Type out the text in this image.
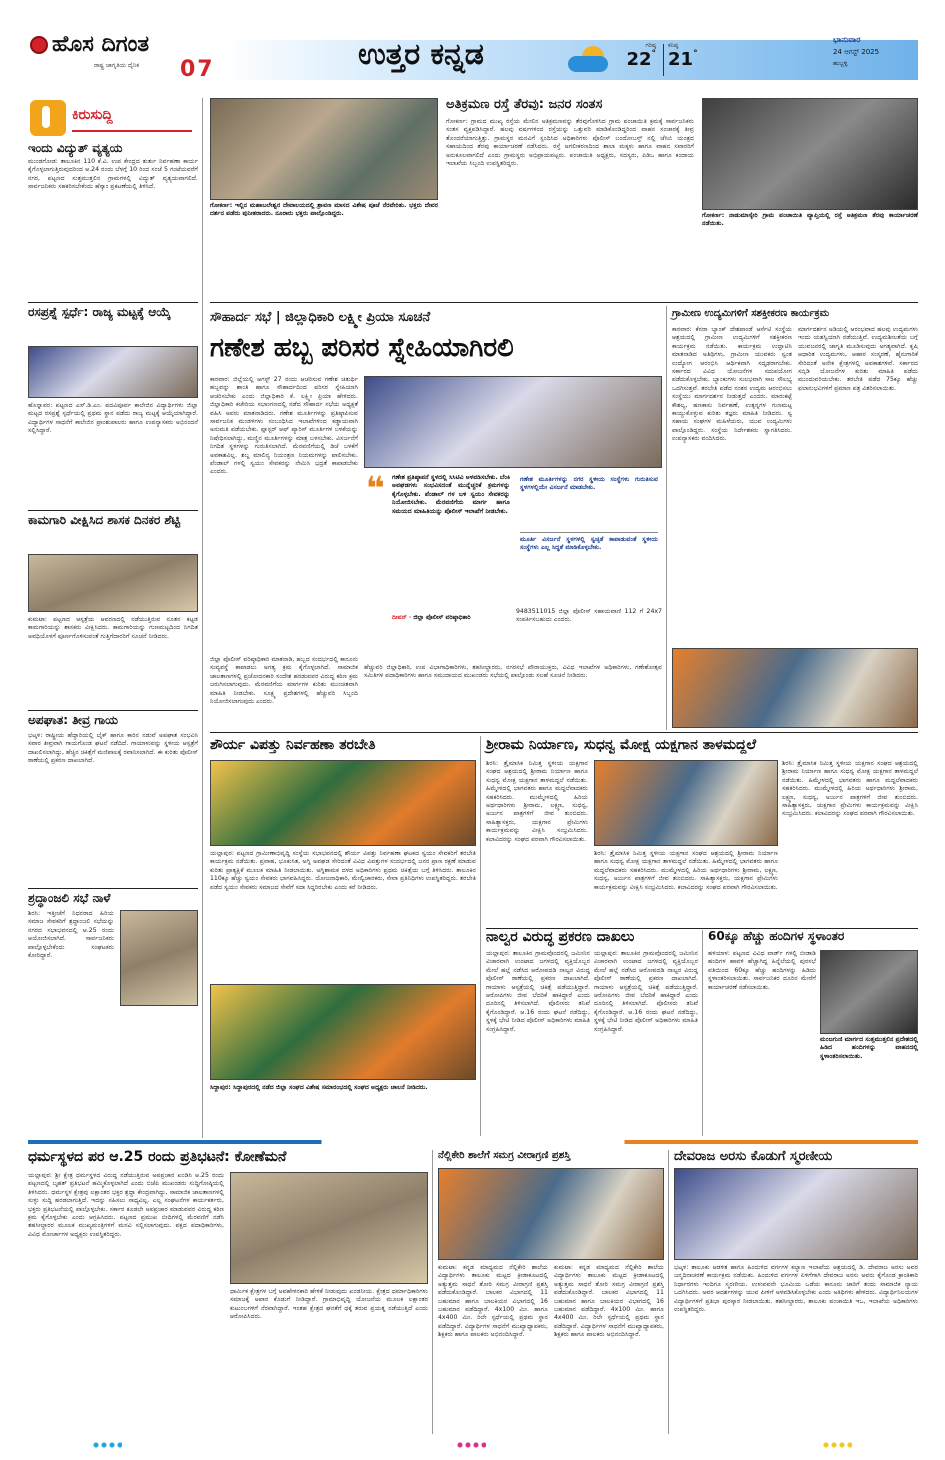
ಹೊಸ ದಿಗಂತ
ರಾಷ್ಟ್ರ ಜಾಗೃತಿಯ ದೈನಿಕ 07	ಉತ್ತರ ಕನ್ನಡ	ಗರಿಷ್ಠ
22°
ಕನಿಷ್ಠ
21°
ಭಾನುವಾರ
24 ಆಗಸ್ಟ್ 2025
ಹುಬ್ಬಳ್ಳಿ
ಕಿರುಸುದ್ದಿ
ಇಂದು ವಿದ್ಯುತ್ ವ್ಯತ್ಯಯ
ಮುಂಡಗೋಡ: ತಾಲೂಕಿನ 110 ಕೆ.ವಿ. ಉಪ ಕೇಂದ್ರದ ತುರ್ತು ನಿರ್ವಹಣಾ ಕಾರ್ಯ ಕೈಗೊಳ್ಳಲಾಗುತ್ತಿರುವುದರಿಂದ ಆ.24 ರಂದು ಬೆಳಗ್ಗೆ 10 ರಿಂದ ಸಂಜೆ 5 ಗಂಟೆಯವರೆಗೆ ನಗರ, ಪಟ್ಟಣದ ಸುತ್ತಮುತ್ತಲಿನ ಗ್ರಾಮಗಳಲ್ಲಿ ವಿದ್ಯುತ್ ವ್ಯತ್ಯಯವಾಗಲಿದೆ. ಸಾರ್ವಜನಿಕರು ಸಹಕರಿಸಬೇಕೆಂದು ಹೆಸ್ಕಾಂ ಪ್ರಕಟಣೆಯಲ್ಲಿ ತಿಳಿಸಿದೆ.
ರಸಪ್ರಶ್ನೆ ಸ್ಪರ್ಧೆ: ರಾಜ್ಯ ಮಟ್ಟಕ್ಕೆ ಆಯ್ಕೆ
ಹೊನ್ನಾವರ: ಪಟ್ಟಣದ ಎಸ್.ಡಿ.ಎಂ. ಪದವಿಪೂರ್ವ ಕಾಲೇಜಿನ ವಿದ್ಯಾರ್ಥಿಗಳು ಜಿಲ್ಲಾ ಮಟ್ಟದ ರಸಪ್ರಶ್ನೆ ಸ್ಪರ್ಧೆಯಲ್ಲಿ ಪ್ರಥಮ ಸ್ಥಾನ ಪಡೆದು ರಾಜ್ಯ ಮಟ್ಟಕ್ಕೆ ಆಯ್ಕೆಯಾಗಿದ್ದಾರೆ. ವಿದ್ಯಾರ್ಥಿಗಳ ಸಾಧನೆಗೆ ಕಾಲೇಜಿನ ಪ್ರಾಂಶುಪಾಲರು ಹಾಗೂ ಉಪನ್ಯಾಸಕರು ಅಭಿನಂದನೆ ಸಲ್ಲಿಸಿದ್ದಾರೆ.
ಕಾಮಗಾರಿ ವೀಕ್ಷಿಸಿದ ಶಾಸಕ ದಿನಕರ ಶೆಟ್ಟಿ
ಕುಮಟಾ: ಪಟ್ಟಣದ ಆಸ್ಪತ್ರೆಯ ಆವರಣದಲ್ಲಿ ನಡೆಯುತ್ತಿರುವ ನೂತನ ಕಟ್ಟಡ ಕಾಮಗಾರಿಯನ್ನು ಶಾಸಕರು ವೀಕ್ಷಿಸಿದರು. ಕಾಮಗಾರಿಯನ್ನು ಗುಣಮಟ್ಟದಿಂದ ನಿಗದಿತ ಅವಧಿಯೊಳಗೆ ಪೂರ್ಣಗೊಳಿಸುವಂತೆ ಗುತ್ತಿಗೆದಾರರಿಗೆ ಸೂಚನೆ ನೀಡಿದರು.
ಅಪಘಾತ: ತೀವ್ರ ಗಾಯ
ಭಟ್ಕಳ: ರಾಷ್ಟ್ರೀಯ ಹೆದ್ದಾರಿಯಲ್ಲಿ ಬೈಕ್ ಹಾಗೂ ಕಾರಿನ ನಡುವೆ ಅಪಘಾತ ಸಂಭವಿಸಿ ಸವಾರ ತೀವ್ರವಾಗಿ ಗಾಯಗೊಂಡ ಘಟನೆ ನಡೆದಿದೆ. ಗಾಯಾಳುವನ್ನು ಸ್ಥಳೀಯ ಆಸ್ಪತ್ರೆಗೆ ದಾಖಲಿಸಲಾಗಿದ್ದು, ಹೆಚ್ಚಿನ ಚಿಕಿತ್ಸೆಗೆ ಮಣಿಪಾಲಕ್ಕೆ ರವಾನಿಸಲಾಗಿದೆ. ಈ ಕುರಿತು ಪೊಲೀಸ್ ಠಾಣೆಯಲ್ಲಿ ಪ್ರಕರಣ ದಾಖಲಾಗಿದೆ.
ಶ್ರದ್ಧಾಂಜಲಿ ಸಭೆ ನಾಳೆ
ಶಿರಸಿ: ಇತ್ತೀಚೆಗೆ ನಿಧನರಾದ ಹಿರಿಯ ಸಮಾಜ ಸೇವಕರಿಗೆ ಶ್ರದ್ಧಾಂಜಲಿ ಸಭೆಯನ್ನು ನಗರದ ಸಭಾಭವನದಲ್ಲಿ ಆ.25 ರಂದು ಆಯೋಜಿಸಲಾಗಿದೆ. ಸಾರ್ವಜನಿಕರು ಪಾಲ್ಗೊಳ್ಳಬೇಕೆಂದು ಸಂಘಟಕರು ಕೋರಿದ್ದಾರೆ.
ಗೋಕರ್ಣ: ಇಲ್ಲಿನ ಮಹಾಬಲೇಶ್ವರ ದೇವಾಲಯದಲ್ಲಿ ಶ್ರಾವಣ ಮಾಸದ ವಿಶೇಷ ಪೂಜೆ ನೆರವೇರಿತು. ಭಕ್ತರು ದೇವರ ದರ್ಶನ ಪಡೆದು ಪುನೀತರಾದರು. ನೂರಾರು ಭಕ್ತರು ಪಾಲ್ಗೊಂಡಿದ್ದರು.
ಅತಿಕ್ರಮಣ ರಸ್ತೆ ತೆರವು: ಜನರ ಸಂತಸ
ಗೋಕರ್ಣ: ಗ್ರಾಮದ ಮುಖ್ಯ ರಸ್ತೆಯ ಮೇಲಿನ ಅತಿಕ್ರಮಣವನ್ನು ತೆರವುಗೊಳಿಸಿದ ಗ್ರಾಮ ಪಂಚಾಯಿತಿ ಕ್ರಮಕ್ಕೆ ಸಾರ್ವಜನಿಕರು ಸಂತಸ ವ್ಯಕ್ತಪಡಿಸಿದ್ದಾರೆ. ಹಲವು ವರ್ಷಗಳಿಂದ ರಸ್ತೆಯನ್ನು ಒತ್ತುವರಿ ಮಾಡಿಕೊಂಡಿದ್ದರಿಂದ ವಾಹನ ಸಂಚಾರಕ್ಕೆ ತೀವ್ರ ತೊಂದರೆಯಾಗುತ್ತಿತ್ತು. ಗ್ರಾಮಸ್ಥರ ಮನವಿಗೆ ಸ್ಪಂದಿಸಿದ ಅಧಿಕಾರಿಗಳು ಪೊಲೀಸ್ ಬಂದೋಬಸ್ತ್ ನಲ್ಲಿ ಜೆಸಿಬಿ ಯಂತ್ರದ ಸಹಾಯದಿಂದ ತೆರವು ಕಾರ್ಯಾಚರಣೆ ನಡೆಸಿದರು. ರಸ್ತೆ ಅಗಲೀಕರಣದಿಂದ ಶಾಲಾ ಮಕ್ಕಳು ಹಾಗೂ ವಾಹನ ಸವಾರರಿಗೆ ಅನುಕೂಲವಾಗಲಿದೆ ಎಂದು ಗ್ರಾಮಸ್ಥರು ಅಭಿಪ್ರಾಯಪಟ್ಟರು. ಪಂಚಾಯಿತಿ ಅಧ್ಯಕ್ಷರು, ಸದಸ್ಯರು, ಪಿಡಿಒ ಹಾಗೂ ಕಂದಾಯ ಇಲಾಖೆಯ ಸಿಬ್ಬಂದಿ ಉಪಸ್ಥಿತರಿದ್ದರು.
ಗೋಕರ್ಣ: ನಾಡುಮಾಸ್ಕೇರಿ ಗ್ರಾಮ ಪಂಚಾಯಿತಿ ವ್ಯಾಪ್ತಿಯಲ್ಲಿ ರಸ್ತೆ ಅತಿಕ್ರಮಣ ತೆರವು ಕಾರ್ಯಾಚರಣೆ ನಡೆಯಿತು.
ಸೌಹಾರ್ದ ಸಭೆ | ಜಿಲ್ಲಾಧಿಕಾರಿ ಲಕ್ಷ್ಮೀ ಪ್ರಿಯಾ ಸೂಚನೆ
ಗಣೇಶ ಹಬ್ಬ ಪರಿಸರ ಸ್ನೇಹಿಯಾಗಿರಲಿ
ಕಾರವಾರ: ಜಿಲ್ಲೆಯಲ್ಲಿ ಆಗಸ್ಟ್ 27 ರಂದು ಆಚರಿಸುವ ಗಣೇಶ ಚತುರ್ಥಿ ಹಬ್ಬವನ್ನು ಶಾಂತಿ ಹಾಗೂ ಸೌಹಾರ್ದದಿಂದ ಪರಿಸರ ಸ್ನೇಹಿಯಾಗಿ ಆಚರಿಸಬೇಕು ಎಂದು ಜಿಲ್ಲಾಧಿಕಾರಿ ಕೆ. ಲಕ್ಷ್ಮೀ ಪ್ರಿಯಾ ಹೇಳಿದರು. ಜಿಲ್ಲಾಧಿಕಾರಿ ಕಚೇರಿಯ ಸಭಾಂಗಣದಲ್ಲಿ ನಡೆದ ಸೌಹಾರ್ದ ಸಭೆಯ ಅಧ್ಯಕ್ಷತೆ ವಹಿಸಿ ಅವರು ಮಾತನಾಡಿದರು. ಗಣೇಶ ಮೂರ್ತಿಗಳನ್ನು ಪ್ರತಿಷ್ಠಾಪಿಸುವ ಸಾರ್ವಜನಿಕ ಮಂಡಳಿಗಳು ಸಂಬಂಧಿಸಿದ ಇಲಾಖೆಗಳಿಂದ ಕಡ್ಡಾಯವಾಗಿ ಅನುಮತಿ ಪಡೆಯಬೇಕು. ಪ್ಲಾಸ್ಟರ್ ಆಫ್ ಪ್ಯಾರಿಸ್ ಮೂರ್ತಿಗಳ ಬಳಕೆಯನ್ನು ನಿಷೇಧಿಸಲಾಗಿದ್ದು, ಮಣ್ಣಿನ ಮೂರ್ತಿಗಳನ್ನು ಮಾತ್ರ ಬಳಸಬೇಕು. ವಿಸರ್ಜನೆಗೆ ನಿಗದಿತ ಸ್ಥಳಗಳನ್ನು ಗುರುತಿಸಲಾಗಿದೆ. ಮೆರವಣಿಗೆಯಲ್ಲಿ ಡಿಜೆ ಬಳಕೆಗೆ ಅವಕಾಶವಿಲ್ಲ. ಶಬ್ದ ಮಾಲಿನ್ಯ ನಿಯಂತ್ರಣ ನಿಯಮಗಳನ್ನು ಪಾಲಿಸಬೇಕು. ಪೆಂಡಾಲ್ ಗಳಲ್ಲಿ ಸ್ವಯಂ ಸೇವಕರನ್ನು ನೇಮಿಸಿ ಭದ್ರತೆ ಕಾಪಾಡಬೇಕು ಎಂದರು.	❝ ಗಣೇಶ ಪ್ರತಿಷ್ಠಾಪನೆ ಸ್ಥಳದಲ್ಲಿ ಸಿಸಿಟಿವಿ ಅಳವಡಿಸಬೇಕು. ಬೆಂಕಿ ಅವಘಡಗಳು ಸಂಭವಿಸದಂತೆ ಮುನ್ನೆಚ್ಚರಿಕೆ ಕ್ರಮಗಳನ್ನು ಕೈಗೊಳ್ಳಬೇಕು. ಪೆಂಡಾಲ್ ಗಳ ಬಳಿ ಸ್ವಯಂ ಸೇವಕರನ್ನು ನಿಯೋಜಿಸಬೇಕು. ಮೆರವಣಿಗೆಯ ಮಾರ್ಗ ಹಾಗೂ ಸಮಯದ ಮಾಹಿತಿಯನ್ನು ಪೊಲೀಸ್ ಇಲಾಖೆಗೆ ನೀಡಬೇಕು.
ದೀಪನ್ · ಜಿಲ್ಲಾ ಪೊಲೀಸ್ ವರಿಷ್ಠಾಧಿಕಾರಿ
ಗಣೇಶ ಮೂರ್ತಿಗಳನ್ನು ನಗರ ಸ್ಥಳೀಯ ಸಂಸ್ಥೆಗಳು ಗುರುತಿಸುವ ಸ್ಥಳಗಳಲ್ಲಿಯೇ ವಿಸರ್ಜನೆ ಮಾಡಬೇಕು.
ಮೂರ್ತಿ ವಿಸರ್ಜನೆ ಸ್ಥಳಗಳಲ್ಲಿ ಸ್ವಚ್ಛತೆ ಕಾಪಾಡುವಂತೆ ಸ್ಥಳೀಯ ಸಂಸ್ಥೆಗಳು ಎಲ್ಲ ಸಿದ್ಧತೆ ಮಾಡಿಕೊಳ್ಳಬೇಕು.
9483511015 ಜಿಲ್ಲಾ ಪೊಲೀಸ್ ಸಹಾಯವಾಣಿ 112 ಗೆ 24x7 ಸಂಪರ್ಕಿಸಬಹುದು ಎಂದರು.
ಜಿಲ್ಲಾ ಪೊಲೀಸ್ ವರಿಷ್ಠಾಧಿಕಾರಿ ಮಾತನಾಡಿ, ಹಬ್ಬದ ಸಂದರ್ಭದಲ್ಲಿ ಕಾನೂನು ಸುವ್ಯವಸ್ಥೆ ಕಾಪಾಡಲು ಅಗತ್ಯ ಕ್ರಮ ಕೈಗೊಳ್ಳಲಾಗಿದೆ. ಸಾಮಾಜಿಕ ಜಾಲತಾಣಗಳಲ್ಲಿ ಪ್ರಚೋದನಕಾರಿ ಸಂದೇಶ ಹರಡುವವರ ವಿರುದ್ಧ ಕಠಿಣ ಕ್ರಮ ಜರುಗಿಸಲಾಗುವುದು. ಮೆರವಣಿಗೆಯ ಮಾರ್ಗಗಳ ಕುರಿತು ಮುಂಚಿತವಾಗಿ ಮಾಹಿತಿ ನೀಡಬೇಕು. ಸೂಕ್ಷ್ಮ ಪ್ರದೇಶಗಳಲ್ಲಿ ಹೆಚ್ಚುವರಿ ಸಿಬ್ಬಂದಿ ನಿಯೋಜಿಸಲಾಗುವುದು ಎಂದರು.
ಹೆಚ್ಚುವರಿ ಜಿಲ್ಲಾಧಿಕಾರಿ, ಉಪ ವಿಭಾಗಾಧಿಕಾರಿಗಳು, ತಹಸೀಲ್ದಾರರು, ನಗರಸಭೆ ಪೌರಾಯುಕ್ತರು, ವಿವಿಧ ಇಲಾಖೆಗಳ ಅಧಿಕಾರಿಗಳು, ಗಣೇಶೋತ್ಸವ ಸಮಿತಿಗಳ ಪದಾಧಿಕಾರಿಗಳು ಹಾಗೂ ಸಮುದಾಯದ ಮುಖಂಡರು ಸಭೆಯಲ್ಲಿ ಪಾಲ್ಗೊಂಡು ಸಲಹೆ ಸೂಚನೆ ನೀಡಿದರು.
ಗ್ರಾಮೀಣ ಉದ್ಯಮಿಗಳಿಗೆ ಸಶಕ್ತೀಕರಣ ಕಾರ್ಯಕ್ರಮ
ಕಾರವಾರ: ಕೆನರಾ ಬ್ಯಾಂಕ್ ದೇಶಪಾಂಡೆ ಆರ್ಸೆಟಿ ಸಂಸ್ಥೆಯ ಆಶ್ರಯದಲ್ಲಿ ಗ್ರಾಮೀಣ ಉದ್ಯಮಿಗಳಿಗೆ ಸಶಕ್ತೀಕರಣ ಕಾರ್ಯಕ್ರಮ ನಡೆಯಿತು. ಕಾರ್ಯಕ್ರಮ ಉದ್ಘಾಟಿಸಿ ಮಾತನಾಡಿದ ಅತಿಥಿಗಳು, ಗ್ರಾಮೀಣ ಯುವಕರು ಸ್ವಂತ ಉದ್ಯೋಗ ಆರಂಭಿಸಿ ಆರ್ಥಿಕವಾಗಿ ಸದೃಢರಾಗಬೇಕು. ಸರ್ಕಾರದ ವಿವಿಧ ಯೋಜನೆಗಳ ಸದುಪಯೋಗ ಪಡೆದುಕೊಳ್ಳಬೇಕು. ಬ್ಯಾಂಕುಗಳು ಸುಲಭವಾಗಿ ಸಾಲ ಸೌಲಭ್ಯ ಒದಗಿಸುತ್ತವೆ. ತರಬೇತಿ ಪಡೆದ ನಂತರ ಉದ್ಯಮ ಆರಂಭಿಸಲು ಸಂಸ್ಥೆಯು ಮಾರ್ಗದರ್ಶನ ನೀಡುತ್ತದೆ ಎಂದರು. ಮಾರುಕಟ್ಟೆ ಕೌಶಲ್ಯ, ಹಣಕಾಸು ನಿರ್ವಹಣೆ, ಉತ್ಪನ್ನಗಳ ಗುಣಮಟ್ಟ ಕಾಯ್ದುಕೊಳ್ಳುವ ಕುರಿತು ತಜ್ಞರು ಮಾಹಿತಿ ನೀಡಿದರು. ಸ್ವ ಸಹಾಯ ಸಂಘಗಳ ಮಹಿಳೆಯರು, ಯುವ ಉದ್ಯಮಿಗಳು ಪಾಲ್ಗೊಂಡಿದ್ದರು. ಸಂಸ್ಥೆಯ ನಿರ್ದೇಶಕರು ಸ್ವಾಗತಿಸಿದರು. ಉಪನ್ಯಾಸಕರು ವಂದಿಸಿದರು.
ಮಾರ್ಗದರ್ಶನ ಅಡಿಯಲ್ಲಿ ಆರಂಭವಾದ ಹಲವು ಉದ್ಯಮಗಳು ಇಂದು ಯಶಸ್ವಿಯಾಗಿ ನಡೆಯುತ್ತಿವೆ. ಉದ್ಯಮಶೀಲತೆಯ ಬಗ್ಗೆ ಯುವಜನರಲ್ಲಿ ಜಾಗೃತಿ ಮೂಡಿಸುವುದು ಅಗತ್ಯವಾಗಿದೆ. ಕೃಷಿ ಆಧಾರಿತ ಉದ್ಯಮಗಳು, ಆಹಾರ ಸಂಸ್ಕರಣೆ, ಹೈನುಗಾರಿಕೆ ಸೇರಿದಂತೆ ಅನೇಕ ಕ್ಷೇತ್ರಗಳಲ್ಲಿ ಅವಕಾಶಗಳಿವೆ. ಸರ್ಕಾರದ ಸಬ್ಸಿಡಿ ಯೋಜನೆಗಳ ಕುರಿತು ಮಾಹಿತಿ ಪಡೆದು ಮುಂದುವರಿಯಬೇಕು. ತರಬೇತಿ ಪಡೆದ 75ಕ್ಕೂ ಹೆಚ್ಚು ಫಲಾನುಭವಿಗಳಿಗೆ ಪ್ರಮಾಣ ಪತ್ರ ವಿತರಿಸಲಾಯಿತು.
ಶೌರ್ಯ ವಿಪತ್ತು ನಿರ್ವಹಣಾ ತರಬೇತಿ
ಯಲ್ಲಾಪುರ: ಪಟ್ಟಣದ ಗ್ರಾಮೀಣಾಭಿವೃದ್ಧಿ ಸಂಸ್ಥೆಯ ಸಭಾಭವನದಲ್ಲಿ ಶೌರ್ಯ ವಿಪತ್ತು ನಿರ್ವಹಣಾ ಘಟಕದ ಸ್ವಯಂ ಸೇವಕರಿಗೆ ತರಬೇತಿ ಕಾರ್ಯಕ್ರಮ ನಡೆಯಿತು. ಪ್ರವಾಹ, ಭೂಕುಸಿತ, ಅಗ್ನಿ ಅವಘಡ ಸೇರಿದಂತೆ ವಿವಿಧ ವಿಪತ್ತುಗಳ ಸಂದರ್ಭದಲ್ಲಿ ಜನರ ಪ್ರಾಣ ರಕ್ಷಣೆ ಮಾಡುವ ಕುರಿತು ಪ್ರಾತ್ಯಕ್ಷಿಕೆ ಮೂಲಕ ಮಾಹಿತಿ ನೀಡಲಾಯಿತು. ಅಗ್ನಿಶಾಮಕ ದಳದ ಅಧಿಕಾರಿಗಳು ಪ್ರಥಮ ಚಿಕಿತ್ಸೆಯ ಬಗ್ಗೆ ತಿಳಿಸಿದರು. ತಾಲೂಕಿನ 110ಕ್ಕೂ ಹೆಚ್ಚು ಸ್ವಯಂ ಸೇವಕರು ಭಾಗವಹಿಸಿದ್ದರು. ಯೋಜನಾಧಿಕಾರಿ, ಮೇಲ್ವಿಚಾರಕರು, ಸೇವಾ ಪ್ರತಿನಿಧಿಗಳು ಉಪಸ್ಥಿತರಿದ್ದರು. ತರಬೇತಿ ಪಡೆದ ಸ್ವಯಂ ಸೇವಕರು ಸಮಾಜದ ಸೇವೆಗೆ ಸದಾ ಸಿದ್ಧರಿರಬೇಕು ಎಂದು ಕರೆ ನೀಡಿದರು.
ಸಿದ್ದಾಪುರ: ಸಿದ್ದಾಪುರದಲ್ಲಿ ನಡೆದ ಜಿಲ್ಲಾ ಸಂಘದ ವಿಶೇಷ ಸಮಾರಂಭದಲ್ಲಿ ಸಂಘದ ಅಧ್ಯಕ್ಷರು ಚಾಲನೆ ನೀಡಿದರು.
ಶ್ರೀರಾಮ ನಿರ್ಯಾಣ, ಸುಧನ್ವ ಮೋಕ್ಷ ಯಕ್ಷಗಾನ ತಾಳಮದ್ದಲೆ
ಶಿರಸಿ: ತ್ರೈಮಾಸಿಕ ನಿಮಿತ್ತ ಸ್ಥಳೀಯ ಯಕ್ಷಗಾನ ಸಂಘದ ಆಶ್ರಯದಲ್ಲಿ ಶ್ರೀರಾಮ ನಿರ್ಯಾಣ ಹಾಗೂ ಸುಧನ್ವ ಮೋಕ್ಷ ಯಕ್ಷಗಾನ ತಾಳಮದ್ದಲೆ ನಡೆಯಿತು. ಹಿಮ್ಮೇಳದಲ್ಲಿ ಭಾಗವತರು ಹಾಗೂ ಮದ್ದಲೆವಾದಕರು ಸಹಕರಿಸಿದರು. ಮುಮ್ಮೇಳದಲ್ಲಿ ಹಿರಿಯ ಅರ್ಥಧಾರಿಗಳು ಶ್ರೀರಾಮ, ಲಕ್ಷ್ಮಣ, ಸುಧನ್ವ, ಅರ್ಜುನ ಪಾತ್ರಗಳಿಗೆ ಜೀವ ತುಂಬಿದರು. ಸಾಹಿತ್ಯಾಸಕ್ತರು, ಯಕ್ಷಗಾನ ಪ್ರೇಮಿಗಳು ಕಾರ್ಯಕ್ರಮವನ್ನು ವೀಕ್ಷಿಸಿ ಸಂಭ್ರಮಿಸಿದರು. ಕಲಾವಿದರನ್ನು ಸಂಘದ ಪರವಾಗಿ ಗೌರವಿಸಲಾಯಿತು.
ಶಿರಸಿ: ತ್ರೈಮಾಸಿಕ ನಿಮಿತ್ತ ಸ್ಥಳೀಯ ಯಕ್ಷಗಾನ ಸಂಘದ ಆಶ್ರಯದಲ್ಲಿ ಶ್ರೀರಾಮ ನಿರ್ಯಾಣ ಹಾಗೂ ಸುಧನ್ವ ಮೋಕ್ಷ ಯಕ್ಷಗಾನ ತಾಳಮದ್ದಲೆ ನಡೆಯಿತು. ಹಿಮ್ಮೇಳದಲ್ಲಿ ಭಾಗವತರು ಹಾಗೂ ಮದ್ದಲೆವಾದಕರು ಸಹಕರಿಸಿದರು. ಮುಮ್ಮೇಳದಲ್ಲಿ ಹಿರಿಯ ಅರ್ಥಧಾರಿಗಳು ಶ್ರೀರಾಮ, ಲಕ್ಷ್ಮಣ, ಸುಧನ್ವ, ಅರ್ಜುನ ಪಾತ್ರಗಳಿಗೆ ಜೀವ ತುಂಬಿದರು. ಸಾಹಿತ್ಯಾಸಕ್ತರು, ಯಕ್ಷಗಾನ ಪ್ರೇಮಿಗಳು ಕಾರ್ಯಕ್ರಮವನ್ನು ವೀಕ್ಷಿಸಿ ಸಂಭ್ರಮಿಸಿದರು. ಕಲಾವಿದರನ್ನು ಸಂಘದ ಪರವಾಗಿ ಗೌರವಿಸಲಾಯಿತು.
ಶಿರಸಿ: ತ್ರೈಮಾಸಿಕ ನಿಮಿತ್ತ ಸ್ಥಳೀಯ ಯಕ್ಷಗಾನ ಸಂಘದ ಆಶ್ರಯದಲ್ಲಿ ಶ್ರೀರಾಮ ನಿರ್ಯಾಣ ಹಾಗೂ ಸುಧನ್ವ ಮೋಕ್ಷ ಯಕ್ಷಗಾನ ತಾಳಮದ್ದಲೆ ನಡೆಯಿತು. ಹಿಮ್ಮೇಳದಲ್ಲಿ ಭಾಗವತರು ಹಾಗೂ ಮದ್ದಲೆವಾದಕರು ಸಹಕರಿಸಿದರು. ಮುಮ್ಮೇಳದಲ್ಲಿ ಹಿರಿಯ ಅರ್ಥಧಾರಿಗಳು ಶ್ರೀರಾಮ, ಲಕ್ಷ್ಮಣ, ಸುಧನ್ವ, ಅರ್ಜುನ ಪಾತ್ರಗಳಿಗೆ ಜೀವ ತುಂಬಿದರು. ಸಾಹಿತ್ಯಾಸಕ್ತರು, ಯಕ್ಷಗಾನ ಪ್ರೇಮಿಗಳು ಕಾರ್ಯಕ್ರಮವನ್ನು ವೀಕ್ಷಿಸಿ ಸಂಭ್ರಮಿಸಿದರು. ಕಲಾವಿದರನ್ನು ಸಂಘದ ಪರವಾಗಿ ಗೌರವಿಸಲಾಯಿತು.
ನಾಲ್ವರ ವಿರುದ್ಧ ಪ್ರಕರಣ ದಾಖಲು
ಯಲ್ಲಾಪುರ: ತಾಲೂಕಿನ ಗ್ರಾಮವೊಂದರಲ್ಲಿ ಜಮೀನಿನ ವಿಚಾರವಾಗಿ ಉಂಟಾದ ಜಗಳದಲ್ಲಿ ವ್ಯಕ್ತಿಯೊಬ್ಬರ ಮೇಲೆ ಹಲ್ಲೆ ನಡೆಸಿದ ಆರೋಪದಡಿ ನಾಲ್ವರ ವಿರುದ್ಧ ಪೊಲೀಸ್ ಠಾಣೆಯಲ್ಲಿ ಪ್ರಕರಣ ದಾಖಲಾಗಿದೆ. ಗಾಯಾಳು ಆಸ್ಪತ್ರೆಯಲ್ಲಿ ಚಿಕಿತ್ಸೆ ಪಡೆಯುತ್ತಿದ್ದಾರೆ. ಆರೋಪಿಗಳು ಜೀವ ಬೆದರಿಕೆ ಹಾಕಿದ್ದಾರೆ ಎಂದು ದೂರಿನಲ್ಲಿ ತಿಳಿಸಲಾಗಿದೆ. ಪೊಲೀಸರು ತನಿಖೆ ಕೈಗೊಂಡಿದ್ದಾರೆ. ಆ.16 ರಂದು ಘಟನೆ ನಡೆದಿದ್ದು, ಸ್ಥಳಕ್ಕೆ ಭೇಟಿ ನೀಡಿದ ಪೊಲೀಸ್ ಅಧಿಕಾರಿಗಳು ಮಾಹಿತಿ ಸಂಗ್ರಹಿಸಿದ್ದಾರೆ.
ಯಲ್ಲಾಪುರ: ತಾಲೂಕಿನ ಗ್ರಾಮವೊಂದರಲ್ಲಿ ಜಮೀನಿನ ವಿಚಾರವಾಗಿ ಉಂಟಾದ ಜಗಳದಲ್ಲಿ ವ್ಯಕ್ತಿಯೊಬ್ಬರ ಮೇಲೆ ಹಲ್ಲೆ ನಡೆಸಿದ ಆರೋಪದಡಿ ನಾಲ್ವರ ವಿರುದ್ಧ ಪೊಲೀಸ್ ಠಾಣೆಯಲ್ಲಿ ಪ್ರಕರಣ ದಾಖಲಾಗಿದೆ. ಗಾಯಾಳು ಆಸ್ಪತ್ರೆಯಲ್ಲಿ ಚಿಕಿತ್ಸೆ ಪಡೆಯುತ್ತಿದ್ದಾರೆ. ಆರೋಪಿಗಳು ಜೀವ ಬೆದರಿಕೆ ಹಾಕಿದ್ದಾರೆ ಎಂದು ದೂರಿನಲ್ಲಿ ತಿಳಿಸಲಾಗಿದೆ. ಪೊಲೀಸರು ತನಿಖೆ ಕೈಗೊಂಡಿದ್ದಾರೆ. ಆ.16 ರಂದು ಘಟನೆ ನಡೆದಿದ್ದು, ಸ್ಥಳಕ್ಕೆ ಭೇಟಿ ನೀಡಿದ ಪೊಲೀಸ್ ಅಧಿಕಾರಿಗಳು ಮಾಹಿತಿ ಸಂಗ್ರಹಿಸಿದ್ದಾರೆ.
60ಕ್ಕೂ ಹೆಚ್ಚು ಹಂದಿಗಳ ಸ್ಥಳಾಂತರ
ಹಳಿಯಾಳ: ಪಟ್ಟಣದ ವಿವಿಧ ವಾರ್ಡ್ ಗಳಲ್ಲಿ ಬೀಡಾಡಿ ಹಂದಿಗಳ ಹಾವಳಿ ಹೆಚ್ಚಾಗಿದ್ದ ಹಿನ್ನೆಲೆಯಲ್ಲಿ ಪುರಸಭೆ ವತಿಯಿಂದ 60ಕ್ಕೂ ಹೆಚ್ಚು ಹಂದಿಗಳನ್ನು ಹಿಡಿದು ಸ್ಥಳಾಂತರಿಸಲಾಯಿತು. ಸಾರ್ವಜನಿಕರ ದೂರಿನ ಮೇರೆಗೆ ಕಾರ್ಯಾಚರಣೆ ನಡೆಸಲಾಯಿತು.
ಮಂಜಗುಣಿ ಮಾರ್ಗದ ಸುತ್ತಮುತ್ತಲಿನ ಪ್ರದೇಶದಲ್ಲಿ ಹಿಡಿದ ಹಂದಿಗಳನ್ನು ವಾಹನದಲ್ಲಿ ಸ್ಥಳಾಂತರಿಸಲಾಯಿತು.
ಧರ್ಮಸ್ಥಳದ ಪರ ಆ.25 ರಂದು ಪ್ರತಿಭಟನೆ: ಕೋಣೆಮನೆ
ಯಲ್ಲಾಪುರ: ಶ್ರೀ ಕ್ಷೇತ್ರ ಧರ್ಮಸ್ಥಳದ ವಿರುದ್ಧ ನಡೆಯುತ್ತಿರುವ ಅಪಪ್ರಚಾರ ಖಂಡಿಸಿ ಆ.25 ರಂದು ಪಟ್ಟಣದಲ್ಲಿ ಬೃಹತ್ ಪ್ರತಿಭಟನೆ ಹಮ್ಮಿಕೊಳ್ಳಲಾಗಿದೆ ಎಂದು ಬಿಜೆಪಿ ಮುಖಂಡರು ಸುದ್ದಿಗೋಷ್ಠಿಯಲ್ಲಿ ತಿಳಿಸಿದರು. ಧರ್ಮಸ್ಥಳ ಕ್ಷೇತ್ರವು ಲಕ್ಷಾಂತರ ಭಕ್ತರ ಶ್ರದ್ಧಾ ಕೇಂದ್ರವಾಗಿದ್ದು, ಸಾಮಾಜಿಕ ಜಾಲತಾಣಗಳಲ್ಲಿ ಸುಳ್ಳು ಸುದ್ದಿ ಹರಡಲಾಗುತ್ತಿದೆ. ಇದನ್ನು ಸಹಿಸಲು ಸಾಧ್ಯವಿಲ್ಲ. ಎಲ್ಲ ಸಂಘಟನೆಗಳ ಕಾರ್ಯಕರ್ತರು, ಭಕ್ತರು ಪ್ರತಿಭಟನೆಯಲ್ಲಿ ಪಾಲ್ಗೊಳ್ಳಬೇಕು. ಸರ್ಕಾರ ಕೂಡಲೇ ಅಪಪ್ರಚಾರ ಮಾಡುವವರ ವಿರುದ್ಧ ಕಠಿಣ ಕ್ರಮ ಕೈಗೊಳ್ಳಬೇಕು ಎಂದು ಆಗ್ರಹಿಸಿದರು. ಪಟ್ಟಣದ ಪ್ರಮುಖ ಬೀದಿಗಳಲ್ಲಿ ಮೆರವಣಿಗೆ ನಡೆಸಿ ತಹಸೀಲ್ದಾರರ ಮೂಲಕ ಮುಖ್ಯಮಂತ್ರಿಗಳಿಗೆ ಮನವಿ ಸಲ್ಲಿಸಲಾಗುವುದು. ಪಕ್ಷದ ಪದಾಧಿಕಾರಿಗಳು, ವಿವಿಧ ಮೋರ್ಚಾಗಳ ಅಧ್ಯಕ್ಷರು ಉಪಸ್ಥಿತರಿದ್ದರು.
ಧಾರ್ಮಿಕ ಕ್ಷೇತ್ರಗಳ ಬಗ್ಗೆ ಅವಹೇಳನಕಾರಿ ಹೇಳಿಕೆ ನೀಡುವುದು ಖಂಡನೀಯ. ಕ್ಷೇತ್ರದ ಧರ್ಮಾಧಿಕಾರಿಗಳು ಸಮಾಜಕ್ಕೆ ಅಪಾರ ಕೊಡುಗೆ ನೀಡಿದ್ದಾರೆ. ಗ್ರಾಮಾಭಿವೃದ್ಧಿ ಯೋಜನೆಯ ಮೂಲಕ ಲಕ್ಷಾಂತರ ಕುಟುಂಬಗಳಿಗೆ ನೆರವಾಗಿದ್ದಾರೆ. ಇಂತಹ ಕ್ಷೇತ್ರದ ಘನತೆಗೆ ಧಕ್ಕೆ ತರುವ ಪ್ರಯತ್ನ ನಡೆಯುತ್ತಿದೆ ಎಂದು ಆರೋಪಿಸಿದರು.
ನೆಲ್ಲಿಕೇರಿ ಶಾಲೆಗೆ ಸಮಗ್ರ ವೀರಾಗ್ರಣಿ ಪ್ರಶಸ್ತಿ
ಕುಮಟಾ: ಕನ್ನಡ ಮಾಧ್ಯಮದ ನೆಲ್ಲಿಕೇರಿ ಶಾಲೆಯ ವಿದ್ಯಾರ್ಥಿಗಳು ತಾಲೂಕು ಮಟ್ಟದ ಕ್ರೀಡಾಕೂಟದಲ್ಲಿ ಅತ್ಯುತ್ತಮ ಸಾಧನೆ ತೋರಿ ಸಮಗ್ರ ವೀರಾಗ್ರಣಿ ಪ್ರಶಸ್ತಿ ಪಡೆದುಕೊಂಡಿದ್ದಾರೆ. ಬಾಲಕರ ವಿಭಾಗದಲ್ಲಿ 11 ಬಹುಮಾನ ಹಾಗೂ ಬಾಲಕಿಯರ ವಿಭಾಗದಲ್ಲಿ 16 ಬಹುಮಾನ ಪಡೆದಿದ್ದಾರೆ. 4x100 ಮೀ. ಹಾಗೂ 4x400 ಮೀ. ರಿಲೇ ಸ್ಪರ್ಧೆಯಲ್ಲಿ ಪ್ರಥಮ ಸ್ಥಾನ ಪಡೆದಿದ್ದಾರೆ. ವಿದ್ಯಾರ್ಥಿಗಳ ಸಾಧನೆಗೆ ಮುಖ್ಯಾಧ್ಯಾಪಕರು, ಶಿಕ್ಷಕರು ಹಾಗೂ ಪಾಲಕರು ಅಭಿನಂದಿಸಿದ್ದಾರೆ.
ಕುಮಟಾ: ಕನ್ನಡ ಮಾಧ್ಯಮದ ನೆಲ್ಲಿಕೇರಿ ಶಾಲೆಯ ವಿದ್ಯಾರ್ಥಿಗಳು ತಾಲೂಕು ಮಟ್ಟದ ಕ್ರೀಡಾಕೂಟದಲ್ಲಿ ಅತ್ಯುತ್ತಮ ಸಾಧನೆ ತೋರಿ ಸಮಗ್ರ ವೀರಾಗ್ರಣಿ ಪ್ರಶಸ್ತಿ ಪಡೆದುಕೊಂಡಿದ್ದಾರೆ. ಬಾಲಕರ ವಿಭಾಗದಲ್ಲಿ 11 ಬಹುಮಾನ ಹಾಗೂ ಬಾಲಕಿಯರ ವಿಭಾಗದಲ್ಲಿ 16 ಬಹುಮಾನ ಪಡೆದಿದ್ದಾರೆ. 4x100 ಮೀ. ಹಾಗೂ 4x400 ಮೀ. ರಿಲೇ ಸ್ಪರ್ಧೆಯಲ್ಲಿ ಪ್ರಥಮ ಸ್ಥಾನ ಪಡೆದಿದ್ದಾರೆ. ವಿದ್ಯಾರ್ಥಿಗಳ ಸಾಧನೆಗೆ ಮುಖ್ಯಾಧ್ಯಾಪಕರು, ಶಿಕ್ಷಕರು ಹಾಗೂ ಪಾಲಕರು ಅಭಿನಂದಿಸಿದ್ದಾರೆ.
ದೇವರಾಜ ಅರಸು ಕೊಡುಗೆ ಸ್ಮರಣೀಯ
ಭಟ್ಕಳ: ತಾಲೂಕು ಆಡಳಿತ ಹಾಗೂ ಹಿಂದುಳಿದ ವರ್ಗಗಳ ಕಲ್ಯಾಣ ಇಲಾಖೆಯ ಆಶ್ರಯದಲ್ಲಿ ಡಿ. ದೇವರಾಜ ಅರಸು ಅವರ ಜನ್ಮದಿನಾಚರಣೆ ಕಾರ್ಯಕ್ರಮ ನಡೆಯಿತು. ಹಿಂದುಳಿದ ವರ್ಗಗಳ ಏಳಿಗೆಗಾಗಿ ದೇವರಾಜ ಅರಸು ಅವರು ಕೈಗೊಂಡ ಕ್ರಾಂತಿಕಾರಿ ನಿರ್ಧಾರಗಳು ಇಂದಿಗೂ ಸ್ಮರಣೀಯ. ಉಳುವವನೇ ಭೂಮಿಯ ಒಡೆಯ ಕಾನೂನು ಜಾರಿಗೆ ತಂದು ಸಾಮಾಜಿಕ ನ್ಯಾಯ ಒದಗಿಸಿದರು. ಅವರ ಆದರ್ಶಗಳನ್ನು ಯುವ ಪೀಳಿಗೆ ಅಳವಡಿಸಿಕೊಳ್ಳಬೇಕು ಎಂದು ಅತಿಥಿಗಳು ಹೇಳಿದರು. ವಿದ್ಯಾರ್ಥಿನಿಲಯಗಳ ವಿದ್ಯಾರ್ಥಿಗಳಿಗೆ ಪ್ರತಿಭಾ ಪುರಸ್ಕಾರ ನೀಡಲಾಯಿತು. ತಹಸೀಲ್ದಾರರು, ತಾಲೂಕು ಪಂಚಾಯಿತಿ ಇಒ, ಇಲಾಖೆಯ ಅಧಿಕಾರಿಗಳು ಉಪಸ್ಥಿತರಿದ್ದರು.
